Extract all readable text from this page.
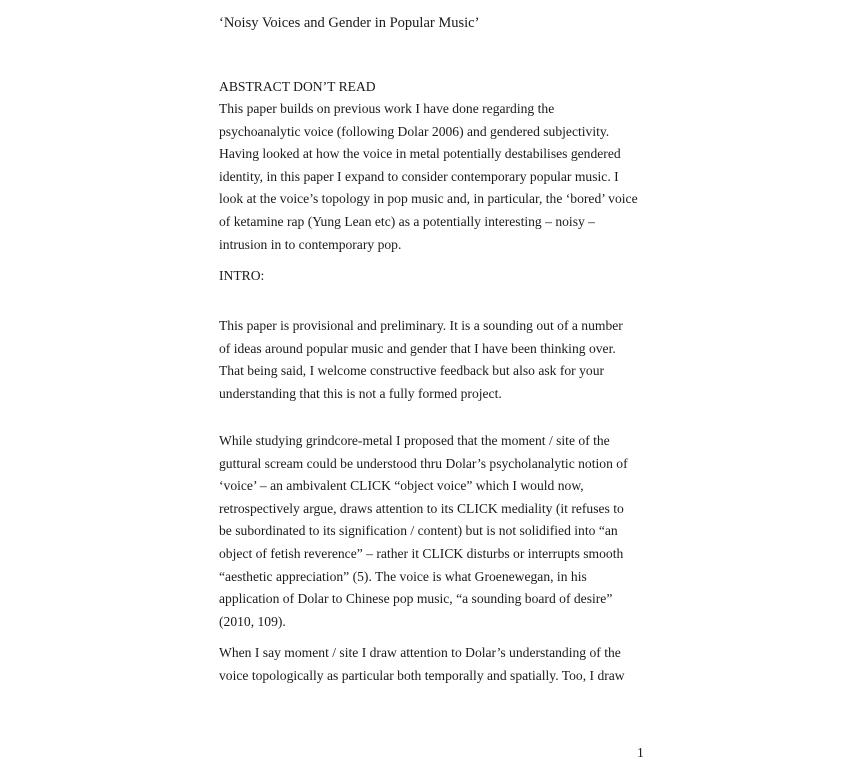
‘Noisy Voices and Gender in Popular Music’
ABSTRACT DON’T READ
This paper builds on previous work I have done regarding the
psychoanalytic voice (following Dolar 2006) and gendered subjectivity.
Having looked at how the voice in metal potentially destabilises gendered
identity, in this paper I expand to consider contemporary popular music. I
look at the voice’s topology in pop music and, in particular, the ‘bored’ voice
of ketamine rap (Yung Lean etc) as a potentially interesting – noisy –
intrusion in to contemporary pop.
INTRO:
This paper is provisional and preliminary. It is a sounding out of a number
of ideas around popular music and gender that I have been thinking over.
That being said, I welcome constructive feedback but also ask for your
understanding that this is not a fully formed project.
While studying grindcore-metal I proposed that the moment / site of the
guttural scream could be understood thru Dolar’s psycholanalytic notion of
‘voice’ – an ambivalent CLICK “object voice” which I would now,
retrospectively argue, draws attention to its CLICK mediality (it refuses to
be subordinated to its signification / content) but is not solidified into “an
object of fetish reverence” – rather it CLICK disturbs or interrupts smooth
“aesthetic appreciation” (5). The voice is what Groenewegan, in his
application of Dolar to Chinese pop music, “a sounding board of desire”
(2010, 109).
When I say moment / site I draw attention to Dolar’s understanding of the
voice topologically as particular both temporally and spatially. Too, I draw
1
